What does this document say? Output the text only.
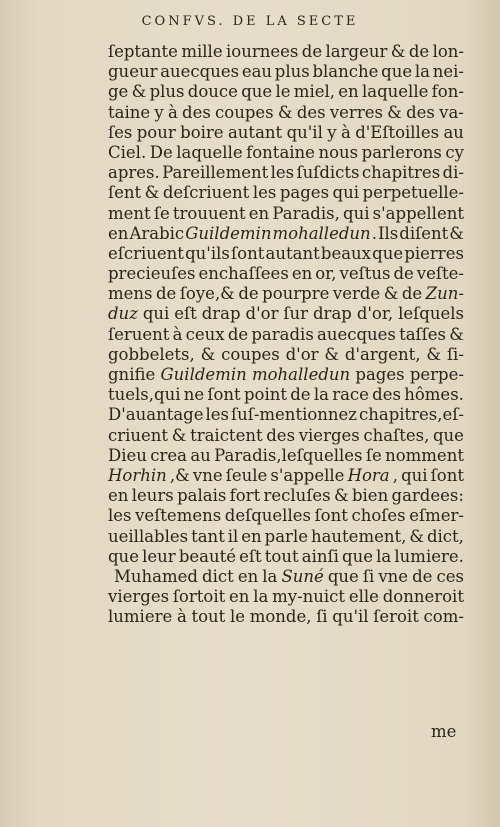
CONFVS. DE LA SECTE
ſeptante mille iournees de largeur & de lon-
gueur auecques eau plus blanche que la nei-
ge & plus douce que le miel, en laquelle fon-
taine y à des coupes & des verres & des va-
ſes pour boire autant qu'il y à d'Eſtoilles au
Ciel. De laquelle fontaine nous parlerons cy
apres. Pareillement les ſuſdicts chapitres di-
ſent & deſcriuent les pages qui perpetuelle-
ment ſe trouuent en Paradis, qui s'appellent
en Arabic Guildemin mohalledun . Ils diſent &
eſcriuent qu'ils ſont autant beaux que pierres
precieuſes enchaſſees en or, veſtus de veſte-
mens de ſoye,& de pourpre verde & de Zun-
duz qui eſt drap d'or ſur drap d'or, leſquels
ſeruent à ceux de paradis auecques taſſes &
gobbelets, & coupes d'or & d'argent, & ſi-
gnifie Guildemin mohalledun pages perpe-
tuels,qui ne ſont point de la race des hômes.
D'auantage les ſuſ-mentionnez chapitres,eſ-
criuent & traictent des vierges chaſtes, que
Dieu crea au Paradis,leſquelles ſe nomment
Horhin ,& vne ſeule s'appelle Hora , qui ſont
en leurs palais fort recluſes & bien gardees:
les veſtemens deſquelles ſont choſes eſmer-
ueillables tant il en parle hautement, & dict,
que leur beauté eſt tout ainſi que la lumiere.
Muhamed dict en la Suné que ſi vne de ces
vierges ſortoit en la my-nuict elle donneroit
lumiere à tout le monde, ſi qu'il ſeroit com-
me
